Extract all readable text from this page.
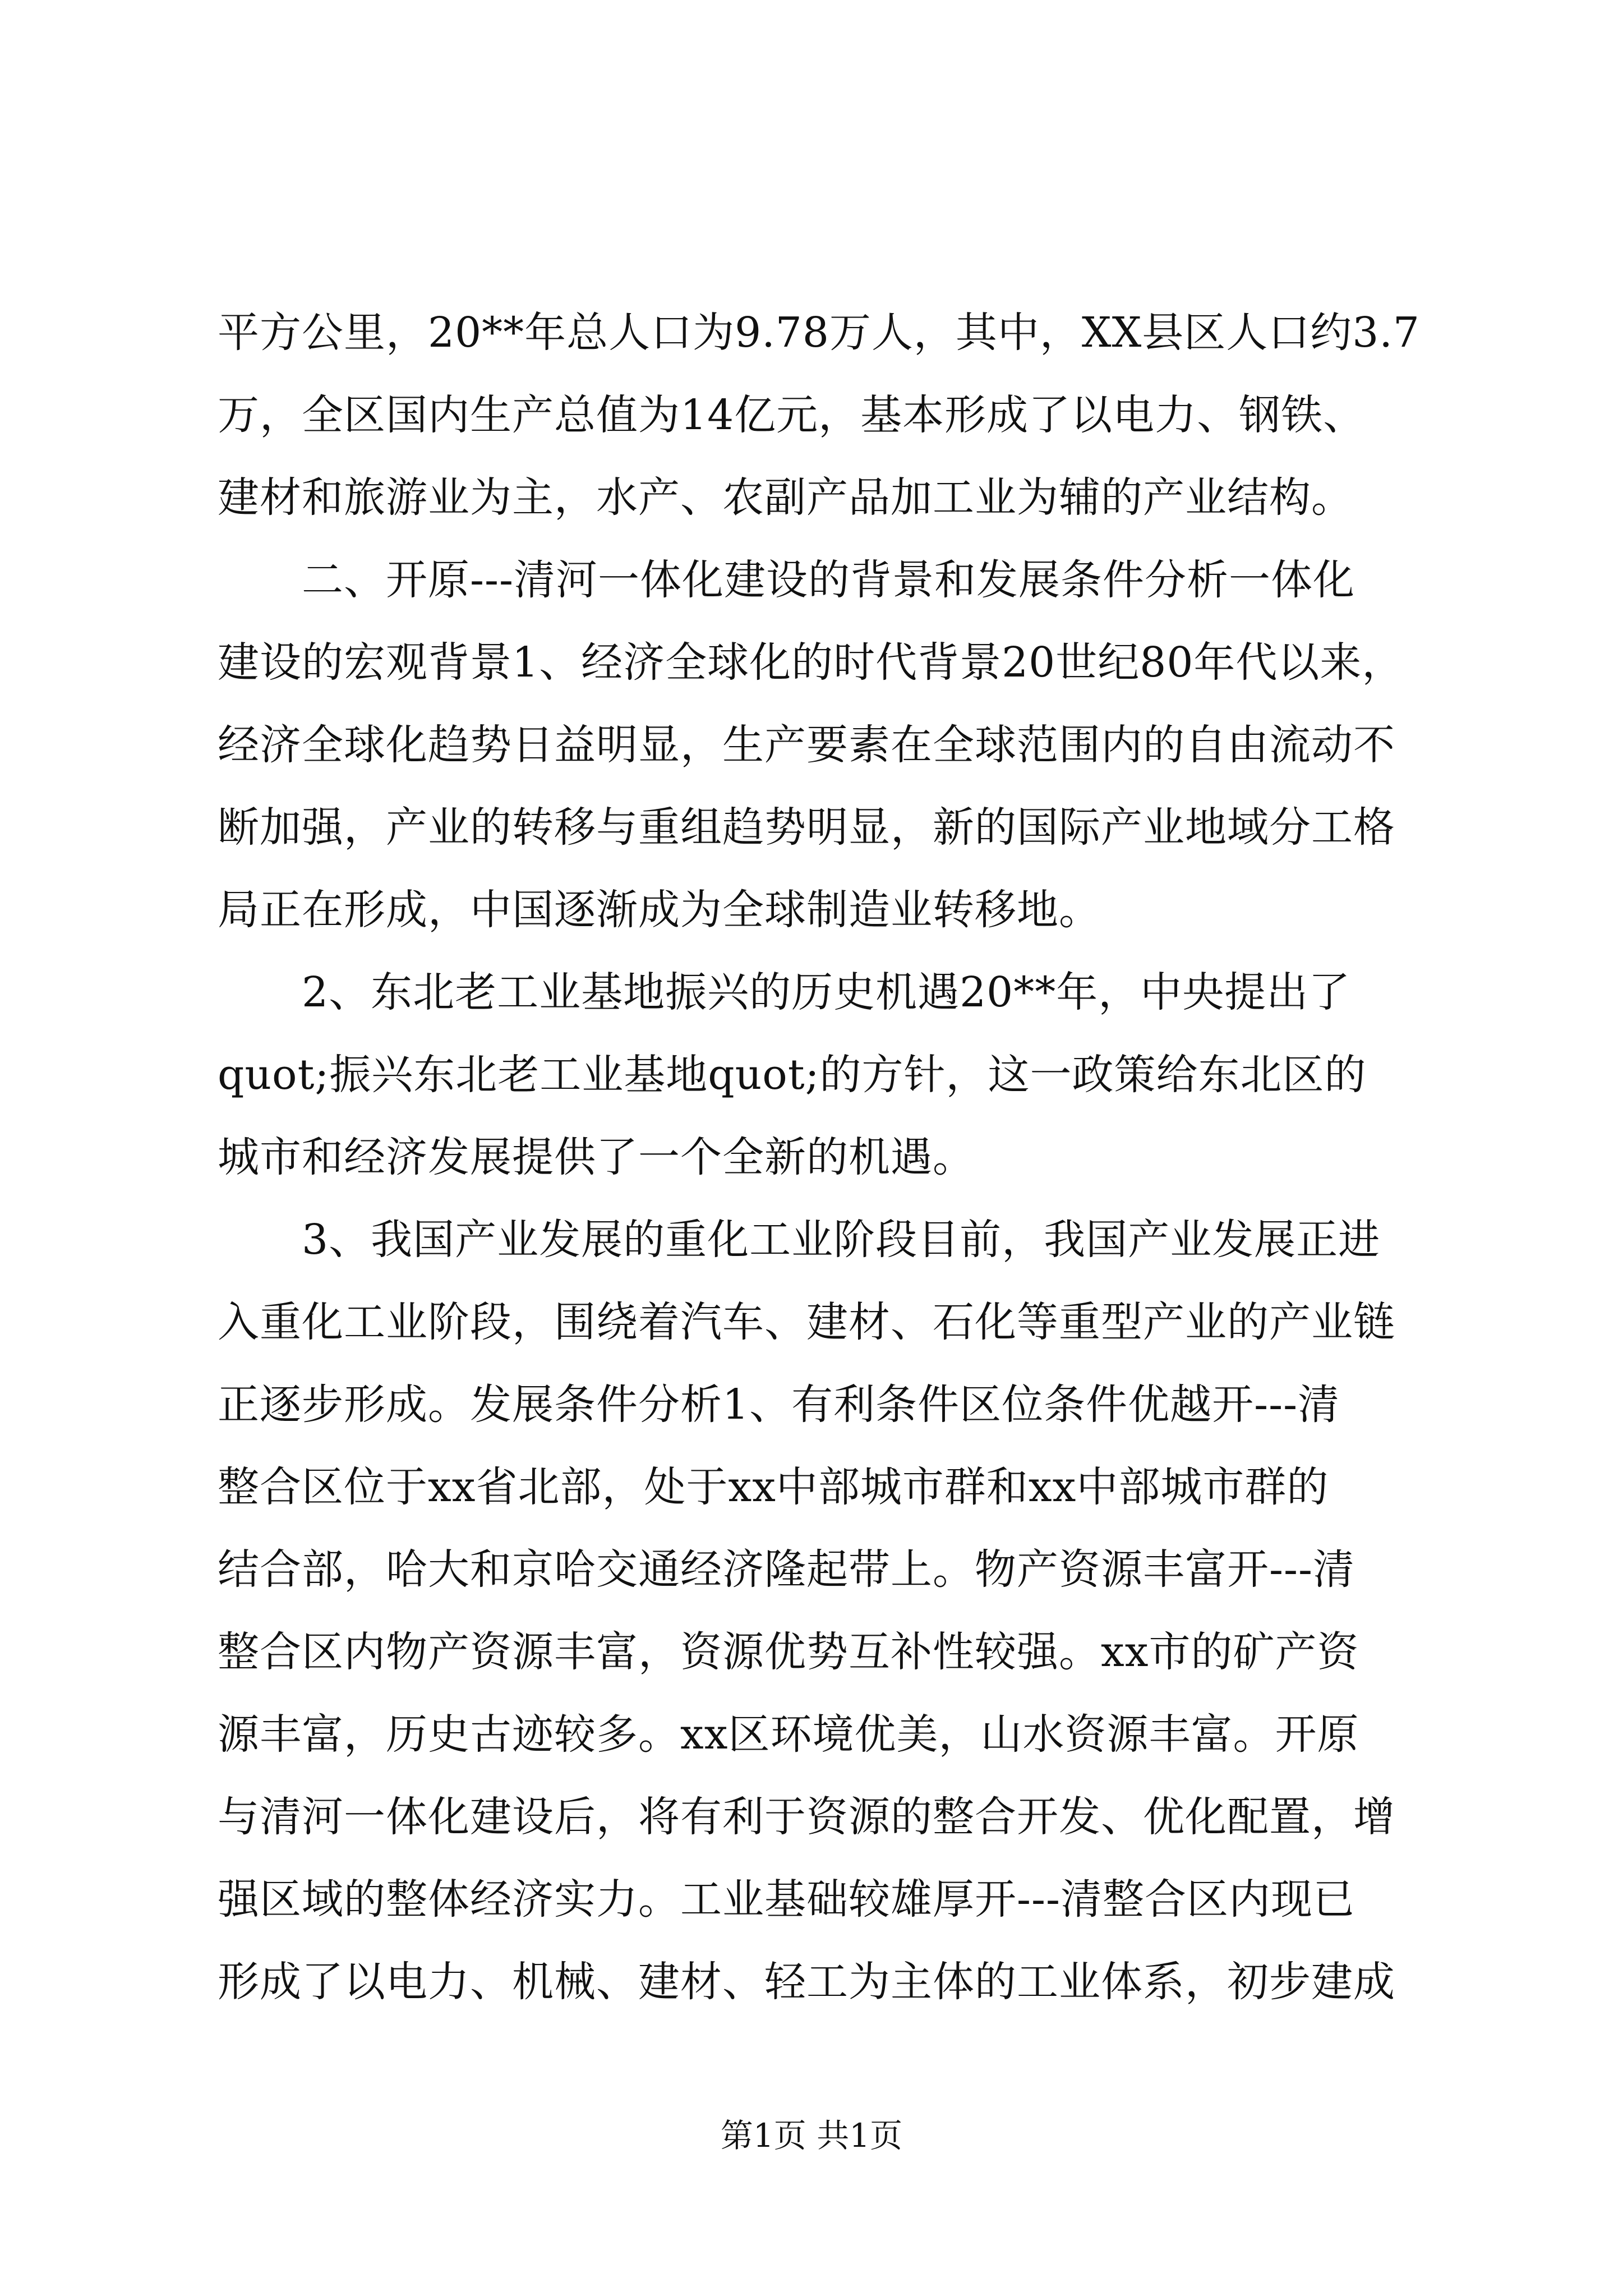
平方公里，20**年总人口为9.78万人，其中，XX县区人口约3.7
万，全区国内生产总值为14亿元，基本形成了以电力、钢铁、
建材和旅游业为主，水产、农副产品加工业为辅的产业结构。
二、开原---清河一体化建设的背景和发展条件分析一体化
建设的宏观背景1、经济全球化的时代背景20世纪80年代以来，
经济全球化趋势日益明显，生产要素在全球范围内的自由流动不
断加强，产业的转移与重组趋势明显，新的国际产业地域分工格
局正在形成，中国逐渐成为全球制造业转移地。
2、东北老工业基地振兴的历史机遇20**年，中央提出了
quot;振兴东北老工业基地quot;的方针，这一政策给东北区的
城市和经济发展提供了一个全新的机遇。
3、我国产业发展的重化工业阶段目前，我国产业发展正进
入重化工业阶段，围绕着汽车、建材、石化等重型产业的产业链
正逐步形成。发展条件分析1、有利条件区位条件优越开---清
整合区位于xx省北部，处于xx中部城市群和xx中部城市群的
结合部，哈大和京哈交通经济隆起带上。物产资源丰富开---清
整合区内物产资源丰富，资源优势互补性较强。xx市的矿产资
源丰富，历史古迹较多。xx区环境优美，山水资源丰富。开原
与清河一体化建设后，将有利于资源的整合开发、优化配置，增
强区域的整体经济实力。工业基础较雄厚开---清整合区内现已
形成了以电力、机械、建材、轻工为主体的工业体系，初步建成
第1页 共1页
